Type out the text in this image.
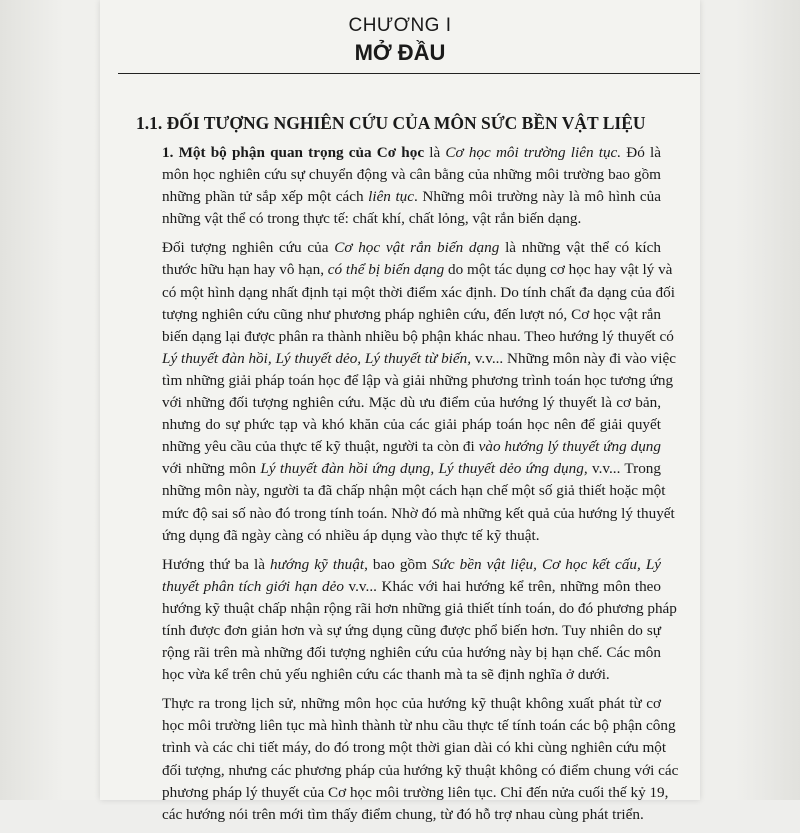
CHƯƠNG I
MỞ ĐẦU
1.1. ĐỐI TƯỢNG NGHIÊN CỨU CỦA MÔN SỨC BỀN VẬT LIỆU

1. Một bộ phận quan trọng của Cơ học là Cơ học môi trường liên tục. Đó là
môn học nghiên cứu sự chuyển động và cân bằng của những môi trường bao gồm
những phần tử sắp xếp một cách liên tục. Những môi trường này là mô hình của
những vật thể có trong thực tế: chất khí, chất lỏng, vật rắn biến dạng.

Đối tượng nghiên cứu của Cơ học vật rắn biến dạng là những vật thể có kích
thước hữu hạn hay vô hạn, có thể bị biến dạng do một tác dụng cơ học hay vật lý và
có một hình dạng nhất định tại một thời điểm xác định. Do tính chất đa dạng của đối
tượng nghiên cứu cũng như phương pháp nghiên cứu, đến lượt nó, Cơ học vật rắn
biến dạng lại được phân ra thành nhiều bộ phận khác nhau. Theo hướng lý thuyết có
Lý thuyết đàn hồi, Lý thuyết dẻo, Lý thuyết từ biến, v.v... Những môn này đi vào việc
tìm những giải pháp toán học để lập và giải những phương trình toán học tương ứng
với những đối tượng nghiên cứu. Mặc dù ưu điểm của hướng lý thuyết là cơ bản,
nhưng do sự phức tạp và khó khăn của các giải pháp toán học nên để giải quyết
những yêu cầu của thực tế kỹ thuật, người ta còn đi vào hướng lý thuyết ứng dụng
với những môn Lý thuyết đàn hồi ứng dụng, Lý thuyết dẻo ứng dụng, v.v... Trong
những môn này, người ta đã chấp nhận một cách hạn chế một số giả thiết hoặc một
mức độ sai số nào đó trong tính toán. Nhờ đó mà những kết quả của hướng lý thuyết
ứng dụng đã ngày càng có nhiều áp dụng vào thực tế kỹ thuật.

Hướng thứ ba là hướng kỹ thuật, bao gồm Sức bền vật liệu, Cơ học kết cấu, Lý
thuyết phân tích giới hạn dẻo v.v... Khác với hai hướng kể trên, những môn theo
hướng kỹ thuật chấp nhận rộng rãi hơn những giả thiết tính toán, do đó phương pháp
tính được đơn giản hơn và sự ứng dụng cũng được phổ biến hơn. Tuy nhiên do sự
rộng rãi trên mà những đối tượng nghiên cứu của hướng này bị hạn chế. Các môn
học vừa kể trên chủ yếu nghiên cứu các thanh mà ta sẽ định nghĩa ở dưới.

Thực ra trong lịch sử, những môn học của hướng kỹ thuật không xuất phát từ cơ
học môi trường liên tục mà hình thành từ nhu cầu thực tế tính toán các bộ phận công
trình và các chi tiết máy, do đó trong một thời gian dài có khi cùng nghiên cứu một
đối tượng, nhưng các phương pháp của hướng kỹ thuật không có điểm chung với các
phương pháp lý thuyết của Cơ học môi trường liên tục. Chỉ đến nửa cuối thế kỷ 19,
các hướng nói trên mới tìm thấy điểm chung, từ đó hỗ trợ nhau cùng phát triển.
